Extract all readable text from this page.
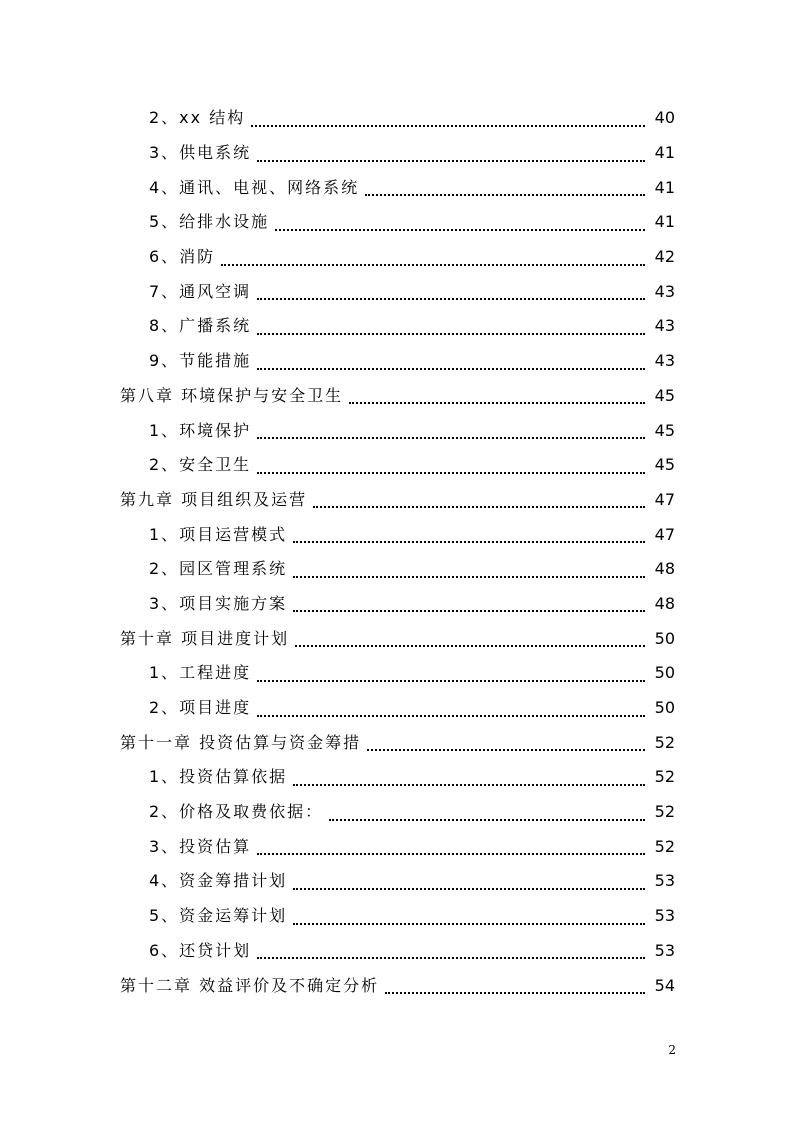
2、xx 结构	40
3、供电系统	41
4、通讯、电视、网络系统	41
5、给排水设施	41
6、消防	42
7、通风空调	43
8、广播系统	43
9、节能措施	43
第八章 环境保护与安全卫生	45
1、环境保护	45
2、安全卫生	45
第九章 项目组织及运营	47
1、项目运营模式	47
2、园区管理系统	48
3、项目实施方案	48
第十章 项目进度计划	50
1、工程进度	50
2、项目进度	50
第十一章 投资估算与资金筹措	52
1、投资估算依据	52
2、价格及取费依据：	52
3、投资估算	52
4、资金筹措计划	53
5、资金运筹计划	53
6、还贷计划	53
第十二章 效益评价及不确定分析	54
2
